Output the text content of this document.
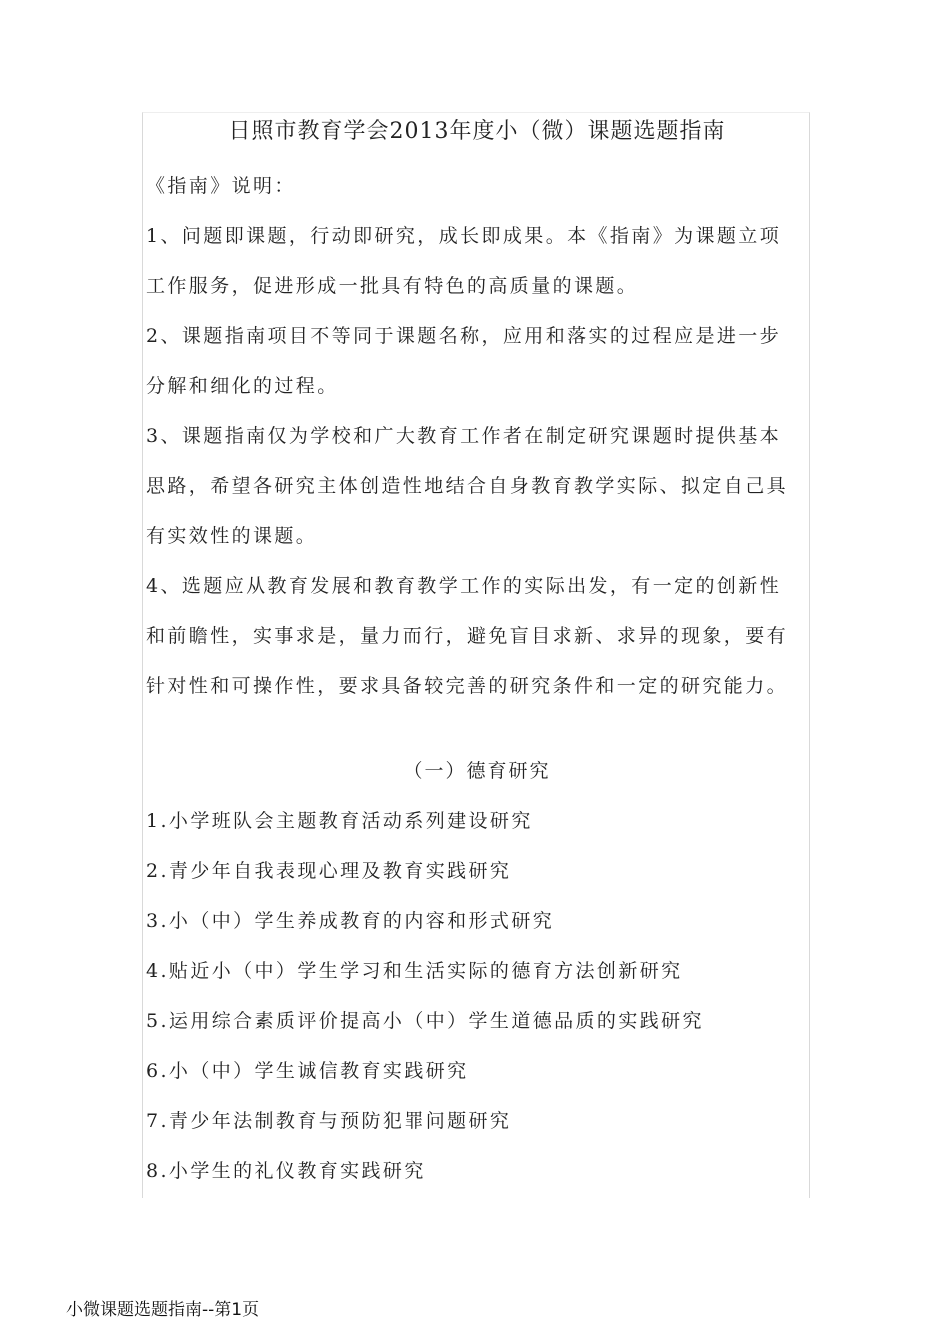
日照市教育学会2013年度小（微）课题选题指南
《指南》说明：
1、问题即课题，行动即研究，成长即成果。本《指南》为课题立项
工作服务，促进形成一批具有特色的高质量的课题。
2、课题指南项目不等同于课题名称，应用和落实的过程应是进一步
分解和细化的过程。
3、课题指南仅为学校和广大教育工作者在制定研究课题时提供基本
思路，希望各研究主体创造性地结合自身教育教学实际、拟定自己具
有实效性的课题。
4、选题应从教育发展和教育教学工作的实际出发，有一定的创新性
和前瞻性，实事求是，量力而行，避免盲目求新、求异的现象，要有
针对性和可操作性，要求具备较完善的研究条件和一定的研究能力。
（一）德育研究
1.小学班队会主题教育活动系列建设研究
2.青少年自我表现心理及教育实践研究
3.小（中）学生养成教育的内容和形式研究
4.贴近小（中）学生学习和生活实际的德育方法创新研究
5.运用综合素质评价提高小（中）学生道德品质的实践研究
6.小（中）学生诚信教育实践研究
7.青少年法制教育与预防犯罪问题研究
8.小学生的礼仪教育实践研究
小微课题选题指南--第1页
